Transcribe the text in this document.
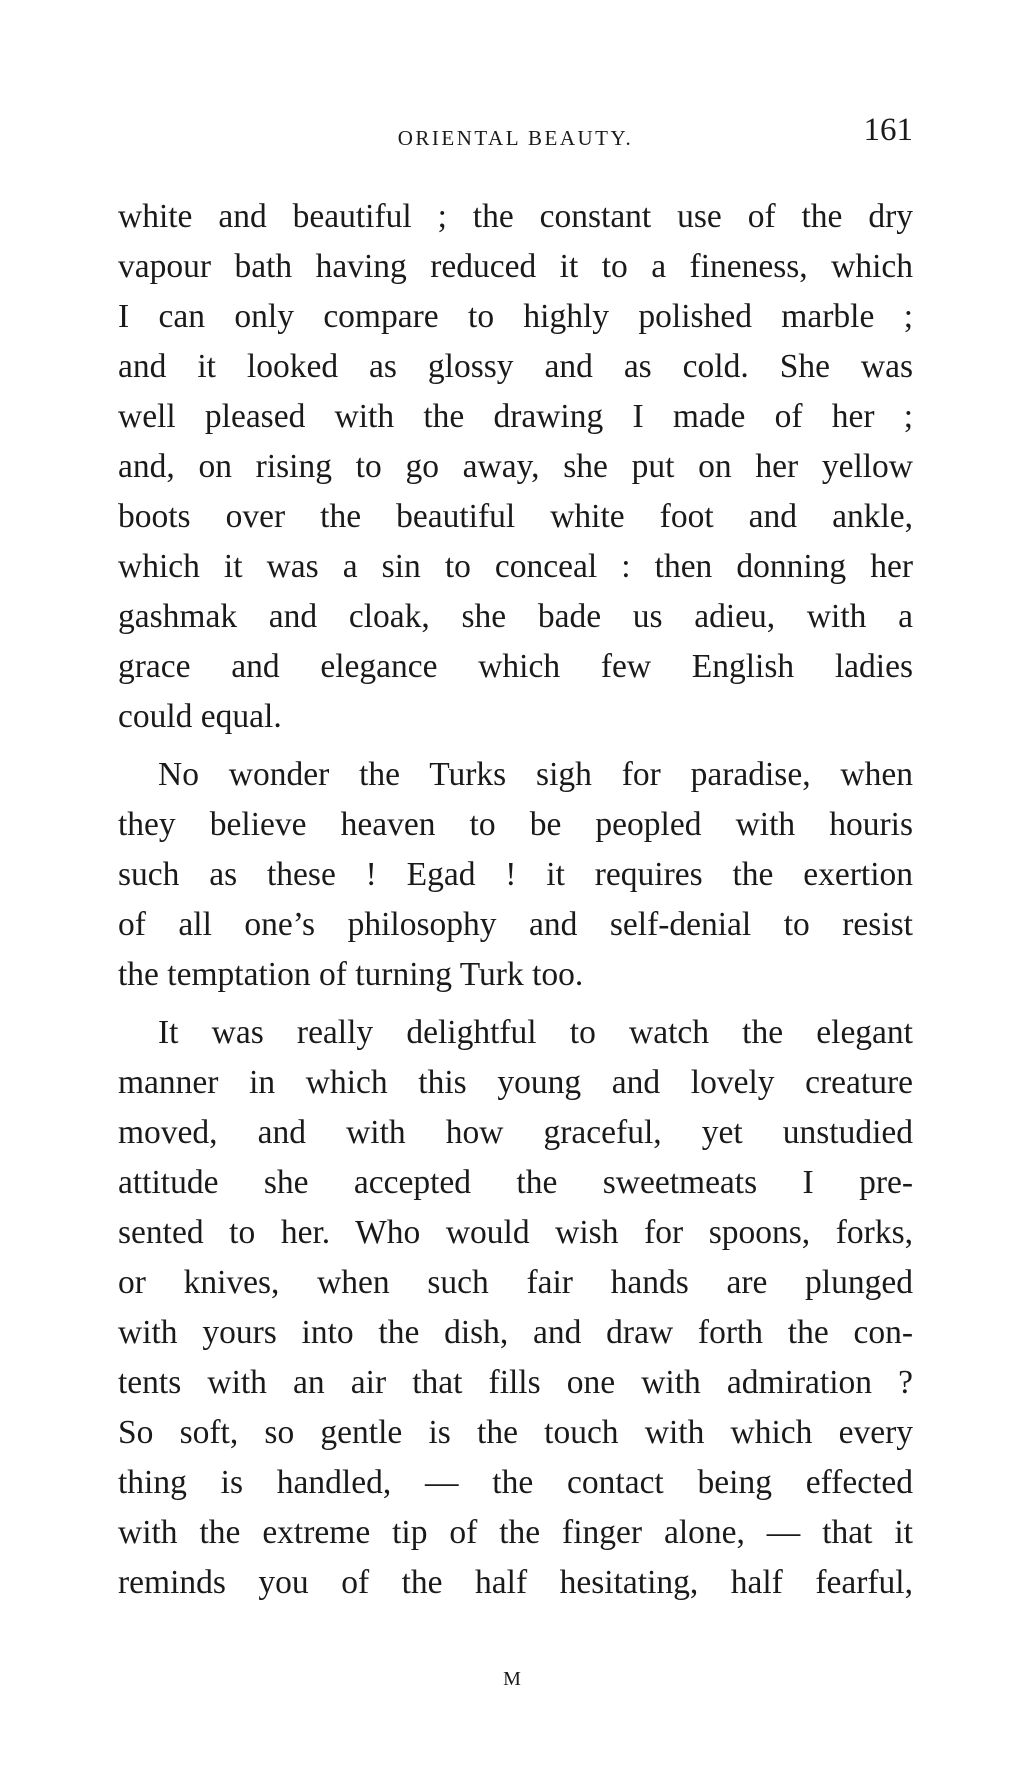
ORIENTAL BEAUTY.	161
white and beautiful ; the constant use of the dry
vapour bath having reduced it to a fineness, which
I can only compare to highly polished marble ;
and it looked as glossy and as cold. She was
well pleased with the drawing I made of her ;
and, on rising to go away, she put on her yellow
boots over the beautiful white foot and ankle,
which it was a sin to conceal : then donning her
gashmak and cloak, she bade us adieu, with a
grace and elegance which few English ladies
could equal.
No wonder the Turks sigh for paradise, when
they believe heaven to be peopled with houris
such as these ! Egad ! it requires the exertion
of all one’s philosophy and self-denial to resist
the temptation of turning Turk too.
It was really delightful to watch the elegant
manner in which this young and lovely creature
moved, and with how graceful, yet unstudied
attitude she accepted the sweetmeats I pre-
sented to her. Who would wish for spoons, forks,
or knives, when such fair hands are plunged
with yours into the dish, and draw forth the con-
tents with an air that fills one with admiration ?
So soft, so gentle is the touch with which every
thing is handled, — the contact being effected
with the extreme tip of the finger alone, — that it
reminds you of the half hesitating, half fearful,
M
